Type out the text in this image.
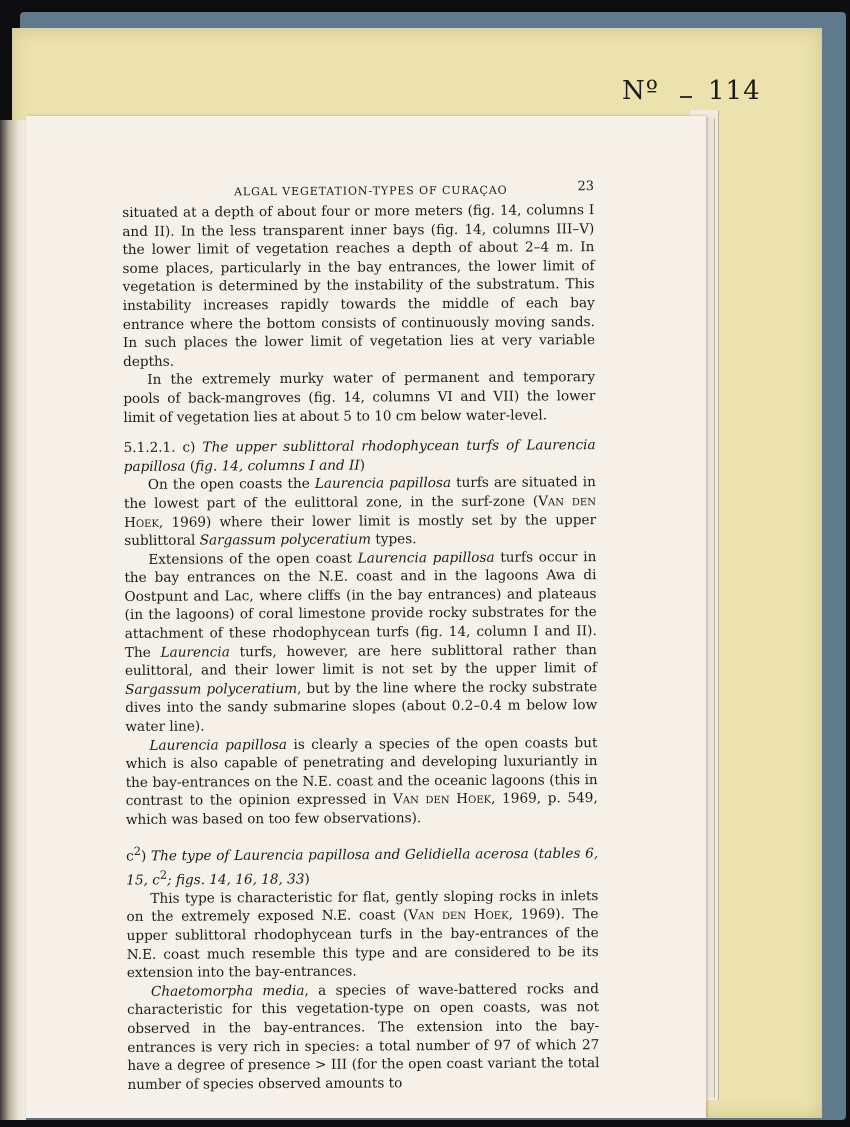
Nº 114
ALGAL VEGETATION-TYPES OF CURAÇAO	23

situated at a depth of about four or more meters (fig. 14, columns I and II). In the less transparent inner bays (fig. 14, columns III–V) the lower limit of vegetation reaches a depth of about 2–4 m. In some places, particularly in the bay entrances, the lower limit of vegetation is determined by the instability of the substratum. This instability increases rapidly towards the middle of each bay entrance where the bottom consists of continuously moving sands. In such places the lower limit of vegetation lies at very variable depths.

In the extremely murky water of permanent and temporary pools of back-mangroves (fig. 14, columns VI and VII) the lower limit of vegetation lies at about 5 to 10 cm below water-level.

5.1.2.1. c) The upper sublittoral rhodophycean turfs of Laurencia papillosa (fig. 14, columns I and II)

On the open coasts the Laurencia papillosa turfs are situated in the lowest part of the eulittoral zone, in the surf-zone (Van den Hoek, 1969) where their lower limit is mostly set by the upper sublittoral Sargassum polyceratium types.

Extensions of the open coast Laurencia papillosa turfs occur in the bay entrances on the N.E. coast and in the lagoons Awa di Oostpunt and Lac, where cliffs (in the bay entrances) and plateaus (in the lagoons) of coral limestone provide rocky substrates for the attachment of these rhodophycean turfs (fig. 14, column I and II). The Laurencia turfs, however, are here sublittoral rather than eulittoral, and their lower limit is not set by the upper limit of Sargassum polyceratium, but by the line where the rocky substrate dives into the sandy submarine slopes (about 0.2–0.4 m below low water line).

Laurencia papillosa is clearly a species of the open coasts but which is also capable of penetrating and developing luxuriantly in the bay-entrances on the N.E. coast and the oceanic lagoons (this in contrast to the opinion expressed in Van den Hoek, 1969, p. 549, which was based on too few observations).

$c^2$) The type of Laurencia papillosa and Gelidiella acerosa (tables 6, 15, $c^2$; figs. 14, 16, 18, 33)

This type is characteristic for flat, gently sloping rocks in inlets on the extremely exposed N.E. coast (Van den Hoek, 1969). The upper sublittoral rhodophycean turfs in the bay-entrances of the N.E. coast much resemble this type and are considered to be its extension into the bay-entrances.

Chaetomorpha media, a species of wave-battered rocks and characteristic for this vegetation-type on open coasts, was not observed in the bay-entrances. The extension into the bay-entrances is very rich in species: a total number of 97 of which 27 have a degree of presence > III (for the open coast variant the total number of species observed amounts to
